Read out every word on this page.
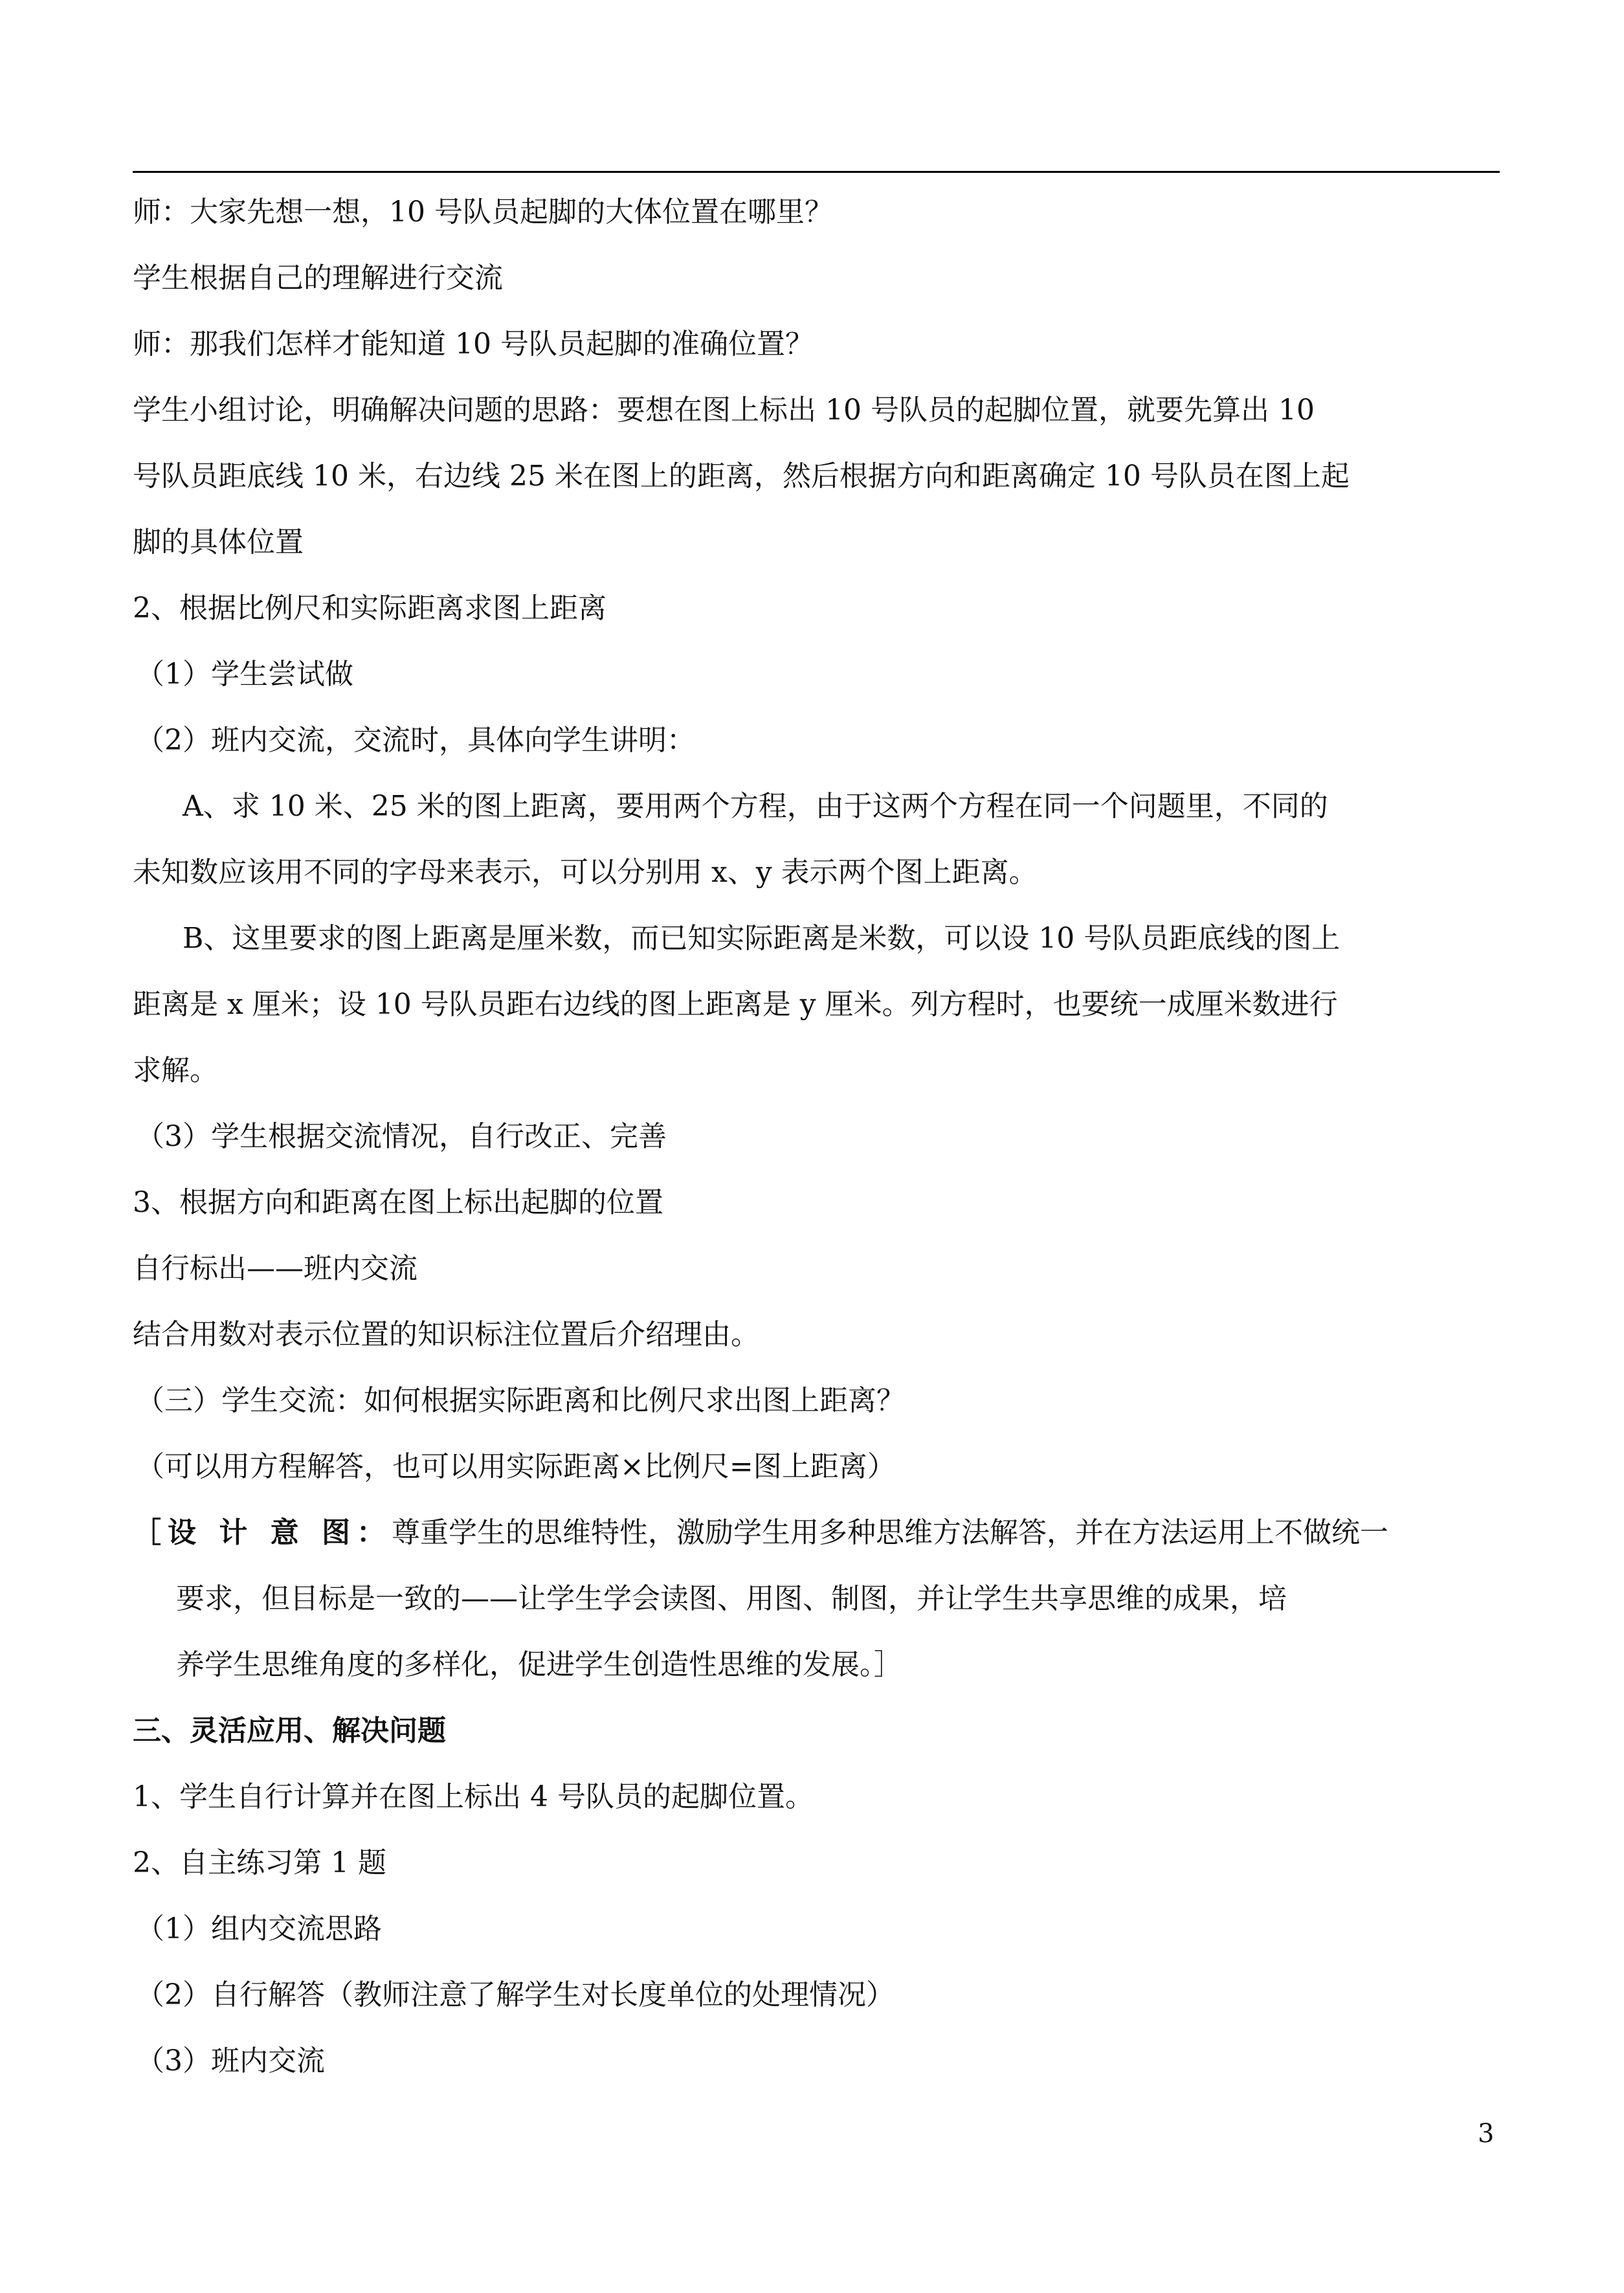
师：大家先想一想，10 号队员起脚的大体位置在哪里？
学生根据自己的理解进行交流
师：那我们怎样才能知道 10 号队员起脚的准确位置？
学生小组讨论，明确解决问题的思路：要想在图上标出 10 号队员的起脚位置，就要先算出 10
号队员距底线 10 米，右边线 25 米在图上的距离，然后根据方向和距离确定 10 号队员在图上起
脚的具体位置
2、根据比例尺和实际距离求图上距离
（1）学生尝试做
（2）班内交流，交流时，具体向学生讲明：
A、求 10 米、25 米的图上距离，要用两个方程，由于这两个方程在同一个问题里，不同的
未知数应该用不同的字母来表示，可以分别用 x、y 表示两个图上距离。
B、这里要求的图上距离是厘米数，而已知实际距离是米数，可以设 10 号队员距底线的图上
距离是 x 厘米；设 10 号队员距右边线的图上距离是 y 厘米。列方程时，也要统一成厘米数进行
求解。
（3）学生根据交流情况，自行改正、完善
3、根据方向和距离在图上标出起脚的位置
自行标出——班内交流
结合用数对表示位置的知识标注位置后介绍理由。
（三）学生交流：如何根据实际距离和比例尺求出图上距离？
（可以用方程解答，也可以用实际距离×比例尺=图上距离）
［设 计 意 图：尊重学生的思维特性，激励学生用多种思维方法解答，并在方法运用上不做统一
要求，但目标是一致的——让学生学会读图、用图、制图，并让学生共享思维的成果，培
养学生思维角度的多样化，促进学生创造性思维的发展。］
三、灵活应用、解决问题
1、学生自行计算并在图上标出 4 号队员的起脚位置。
2、自主练习第 1 题
（1）组内交流思路
（2）自行解答（教师注意了解学生对长度单位的处理情况）
（3）班内交流
3
